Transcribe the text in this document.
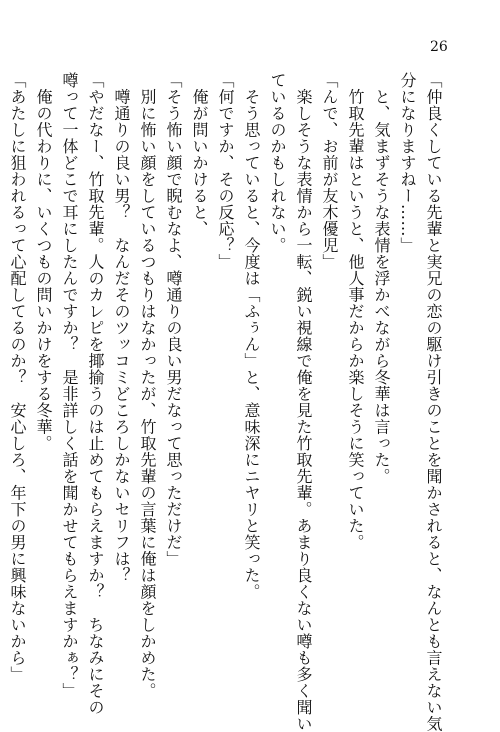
26

「仲良くしている先輩と実兄の恋の駆け引きのことを聞かされると、なんとも言えない気

分になりますねー……」

　と、気まずそうな表情を浮かべながら冬華は言った。

　竹取先輩はというと、他人事だからか楽しそうに笑っていた。

「んで、お前が友木優児」

　楽しそうな表情から一転、鋭い視線で俺を見た竹取先輩。あまり良くない噂も多く聞い

ているのかもしれない。

　そう思っていると、今度は「ふぅん」と、意味深にニヤリと笑った。

「何ですか、その反応？」

　俺が問いかけると、

「そう怖い顔で睨むなよ、噂通りの良い男だなって思っただけだ」

　別に怖い顔をしているつもりはなかったが、竹取先輩の言葉に俺は顔をしかめた。

　噂通りの良い男？　なんだそのツッコミどころしかないセリフは？

「やだなー、竹取先輩。人のカレピを揶揄うのは止めてもらえますか？　ちなみにその

噂って一体どこで耳にしたんですか？　是非詳しく話を聞かせてもらえますかぁ？」

　俺の代わりに、いくつもの問いかけをする冬華。

「あたしに狙われるって心配してるのか？　安心しろ、年下の男に興味ないから」
